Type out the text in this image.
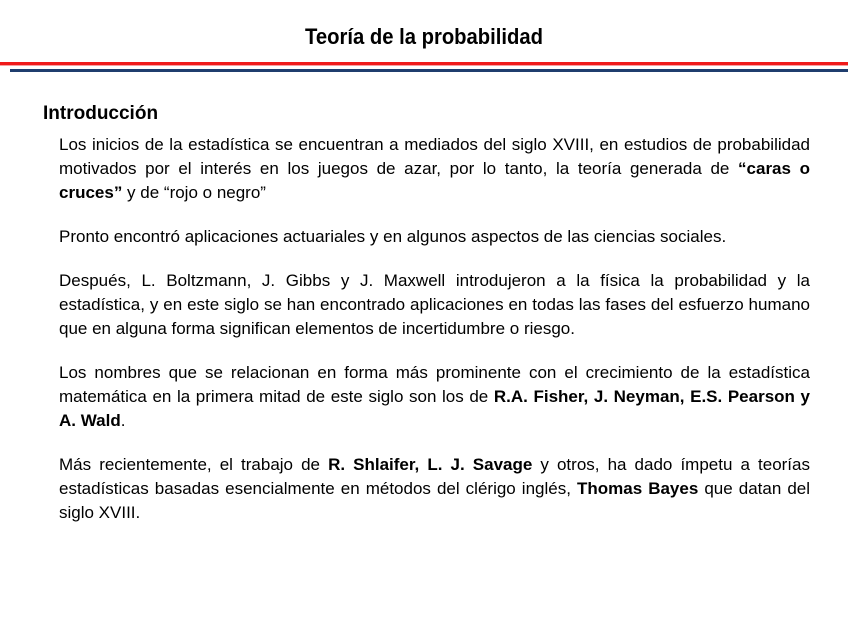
Teoría de la probabilidad
Introducción

Los inicios de la estadística se encuentran a mediados del siglo XVIII, en estudios de probabilidad motivados por el interés en los juegos de azar, por lo tanto, la teoría generada de “caras o cruces” y de “rojo o negro”

Pronto encontró aplicaciones actuariales y en algunos aspectos de las ciencias sociales.

Después, L. Boltzmann, J. Gibbs y J. Maxwell introdujeron a la física la probabilidad y la estadística, y en este siglo se han encontrado aplicaciones en todas las fases del esfuerzo humano que en alguna forma significan elementos de incertidumbre o riesgo.

Los nombres que se relacionan en forma más prominente con el crecimiento de la estadística matemática en la primera mitad de este siglo son los de R.A. Fisher, J. Neyman, E.S. Pearson y A. Wald.

Más recientemente, el trabajo de R. Shlaifer, L. J. Savage y otros, ha dado ímpetu a teorías estadísticas basadas esencialmente en métodos del clérigo inglés, Thomas Bayes que datan del siglo XVIII.
